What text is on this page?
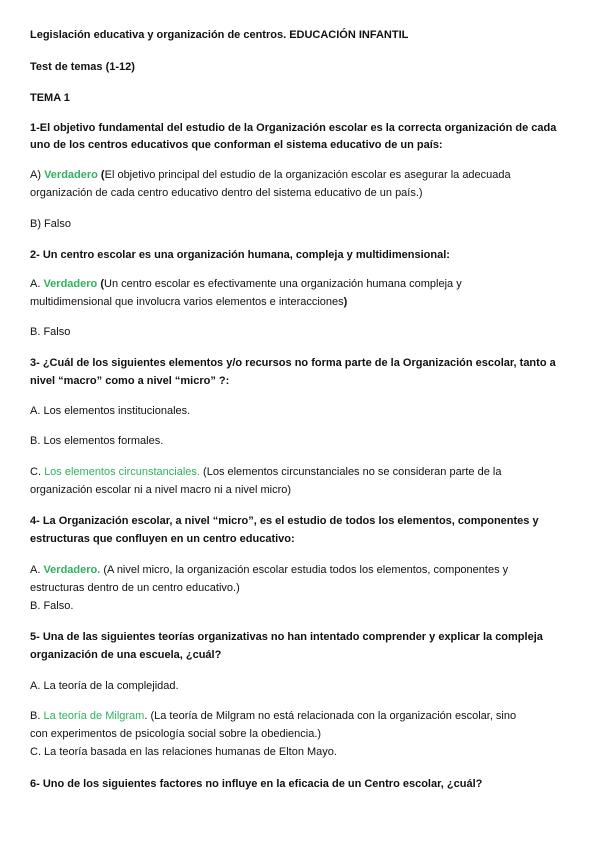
Legislación educativa y organización de centros. EDUCACIÓN INFANTIL
Test de temas (1-12)
TEMA 1
1-El objetivo fundamental del estudio de la Organización escolar es la correcta organización de cada
uno de los centros educativos que conforman el sistema educativo de un país:
A) Verdadero (El objetivo principal del estudio de la organización escolar es asegurar la adecuada
organización de cada centro educativo dentro del sistema educativo de un país.)
B) Falso
2- Un centro escolar es una organización humana, compleja y multidimensional:
A. Verdadero (Un centro escolar es efectivamente una organización humana compleja y
multidimensional que involucra varios elementos e interacciones)
B. Falso
3- ¿Cuál de los siguientes elementos y/o recursos no forma parte de la Organización escolar, tanto a
nivel “macro” como a nivel “micro” ?:
A. Los elementos institucionales.
B. Los elementos formales.
C. Los elementos circunstanciales. (Los elementos circunstanciales no se consideran parte de la
organización escolar ni a nivel macro ni a nivel micro)
4- La Organización escolar, a nivel “micro”, es el estudio de todos los elementos, componentes y
estructuras que confluyen en un centro educativo:
A. Verdadero. (A nivel micro, la organización escolar estudia todos los elementos, componentes y
estructuras dentro de un centro educativo.)
B. Falso.
5- Una de las siguientes teorías organizativas no han intentado comprender y explicar la compleja
organización de una escuela, ¿cuál?
A. La teoría de la complejidad.
B. La teoría de Milgram. (La teoría de Milgram no está relacionada con la organización escolar, sino
con experimentos de psicología social sobre la obediencia.)
C. La teoría basada en las relaciones humanas de Elton Mayo.
6- Uno de los siguientes factores no influye en la eficacia de un Centro escolar, ¿cuál?
